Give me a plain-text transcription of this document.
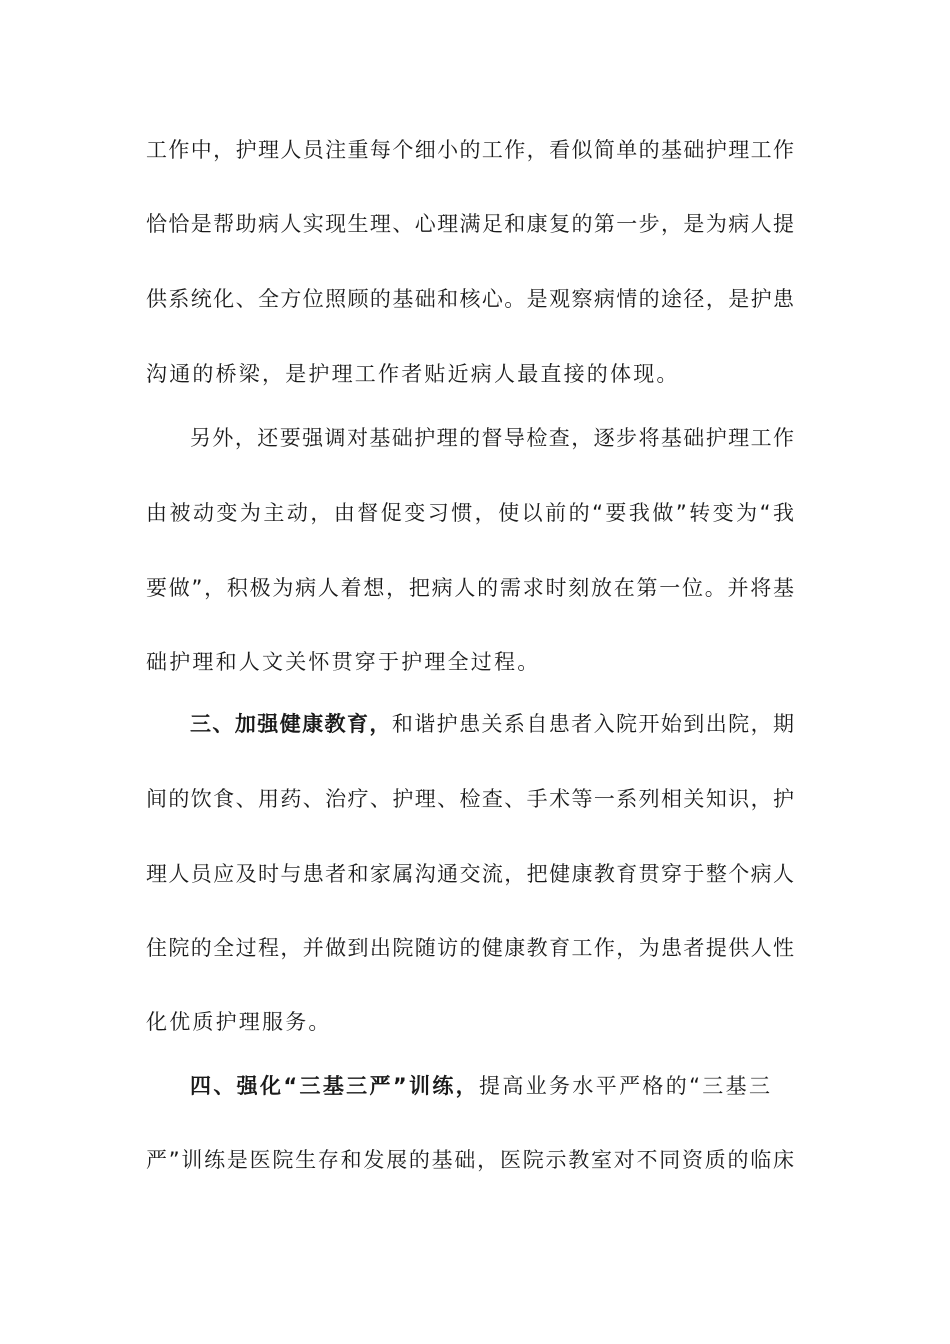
工作中，护理人员注重每个细小的工作，看似简单的基础护理工作
恰恰是帮助病人实现生理、心理满足和康复的第一步，是为病人提
供系统化、全方位照顾的基础和核心。是观察病情的途径，是护患
沟通的桥梁，是护理工作者贴近病人最直接的体现。
另外，还要强调对基础护理的督导检查，逐步将基础护理工作
由被动变为主动，由督促变习惯，使以前的“要我做”转变为“我
要做”，积极为病人着想，把病人的需求时刻放在第一位。并将基
础护理和人文关怀贯穿于护理全过程。
三、加强健康教育，和谐护患关系自患者入院开始到出院，期
间的饮食、用药、治疗、护理、检查、手术等一系列相关知识，护
理人员应及时与患者和家属沟通交流，把健康教育贯穿于整个病人
住院的全过程，并做到出院随访的健康教育工作，为患者提供人性
化优质护理服务。
四、强化“三基三严”训练，提高业务水平严格的“三基三
严”训练是医院生存和发展的基础，医院示教室对不同资质的临床
